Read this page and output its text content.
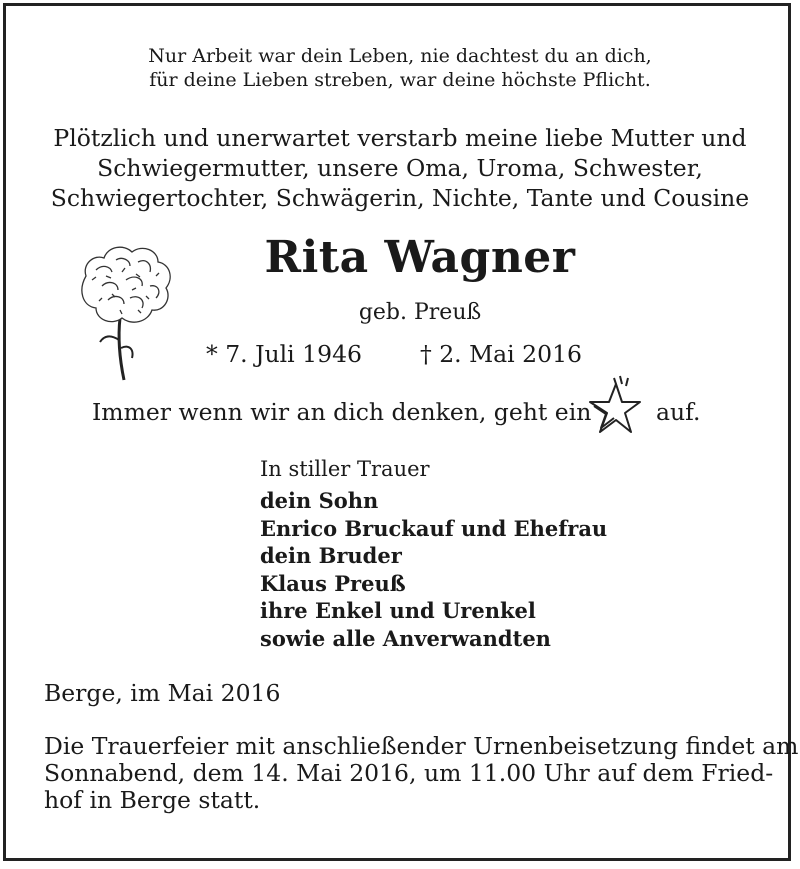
Nur Arbeit war dein Leben, nie dachtest du an dich,
für deine Lieben streben, war deine höchste Pflicht.
Plötzlich und unerwartet verstarb meine liebe Mutter und
Schwiegermutter, unsere Oma, Uroma, Schwester,
Schwiegertochter, Schwägerin, Nichte, Tante und Cousine
Rita Wagner
geb. Preuß
* 7. Juli 1946 † 2. Mai 2016
Immer wenn wir an dich denken, geht ein	auf.
In stiller Trauer
dein Sohn
Enrico Bruckauf und Ehefrau
dein Bruder
Klaus Preuß
ihre Enkel und Urenkel
sowie alle Anverwandten
Berge, im Mai 2016
Die Trauerfeier mit anschließender Urnenbeisetzung findet am
Sonnabend, dem 14. Mai 2016, um 11.00 Uhr auf dem Fried-
hof in Berge statt.
